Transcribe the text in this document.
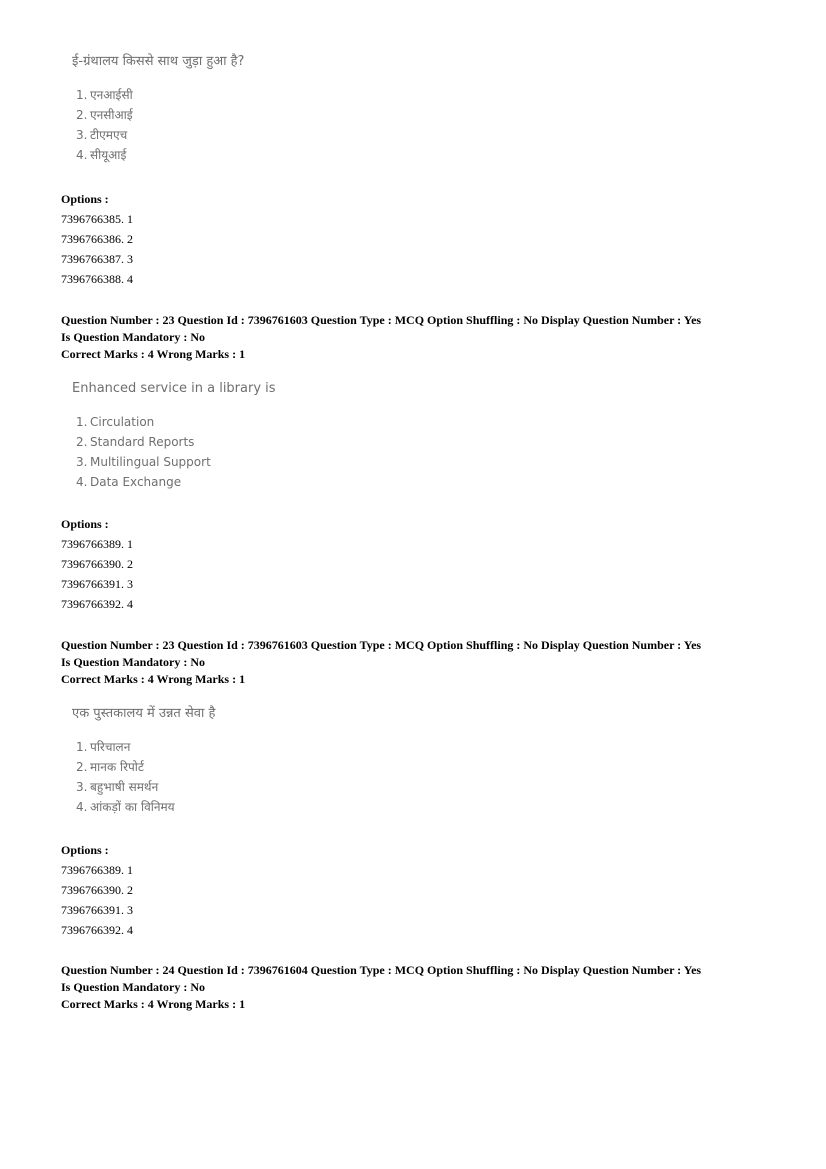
ई-ग्रंथालय किससे साथ जुड़ा हुआ है?
1. एनआईसी
2. एनसीआई
3. टीएमएच
4. सीयूआई
Options :
7396766385. 1
7396766386. 2
7396766387. 3
7396766388. 4
Question Number : 23 Question Id : 7396761603 Question Type : MCQ Option Shuffling : No Display Question Number : Yes
Is Question Mandatory : No
Correct Marks : 4 Wrong Marks : 1
Enhanced service in a library is
1. Circulation
2. Standard Reports
3. Multilingual Support
4. Data Exchange
Options :
7396766389. 1
7396766390. 2
7396766391. 3
7396766392. 4
Question Number : 23 Question Id : 7396761603 Question Type : MCQ Option Shuffling : No Display Question Number : Yes
Is Question Mandatory : No
Correct Marks : 4 Wrong Marks : 1
एक पुस्तकालय में उन्नत सेवा है
1. परिचालन
2. मानक रिपोर्ट
3. बहुभाषी समर्थन
4. आंकड़ों का विनिमय
Options :
7396766389. 1
7396766390. 2
7396766391. 3
7396766392. 4
Question Number : 24 Question Id : 7396761604 Question Type : MCQ Option Shuffling : No Display Question Number : Yes
Is Question Mandatory : No
Correct Marks : 4 Wrong Marks : 1
